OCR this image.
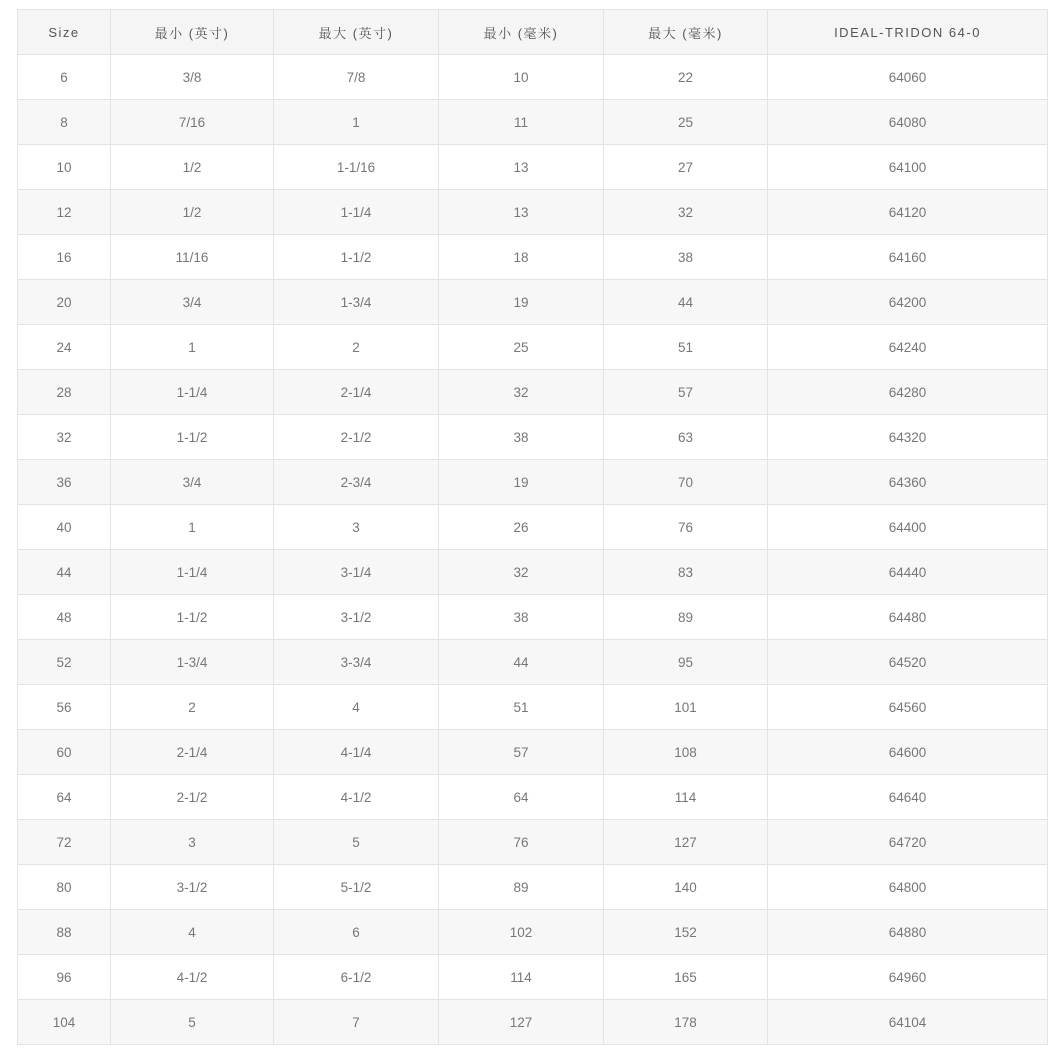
Size	最小 (英寸)	最大 (英寸)	最小 (毫米)	最大 (毫米)	IDEAL-TRIDON 64-0
6	3/8	7/8	10	22	64060
8	7/16	1	11	25	64080
10	1/2	1-1/16	13	27	64100
12	1/2	1-1/4	13	32	64120
16	11/16	1-1/2	18	38	64160
20	3/4	1-3/4	19	44	64200
24	1	2	25	51	64240
28	1-1/4	2-1/4	32	57	64280
32	1-1/2	2-1/2	38	63	64320
36	3/4	2-3/4	19	70	64360
40	1	3	26	76	64400
44	1-1/4	3-1/4	32	83	64440
48	1-1/2	3-1/2	38	89	64480
52	1-3/4	3-3/4	44	95	64520
56	2	4	51	101	64560
60	2-1/4	4-1/4	57	108	64600
64	2-1/2	4-1/2	64	114	64640
72	3	5	76	127	64720
80	3-1/2	5-1/2	89	140	64800
88	4	6	102	152	64880
96	4-1/2	6-1/2	114	165	64960
104	5	7	127	178	64104
